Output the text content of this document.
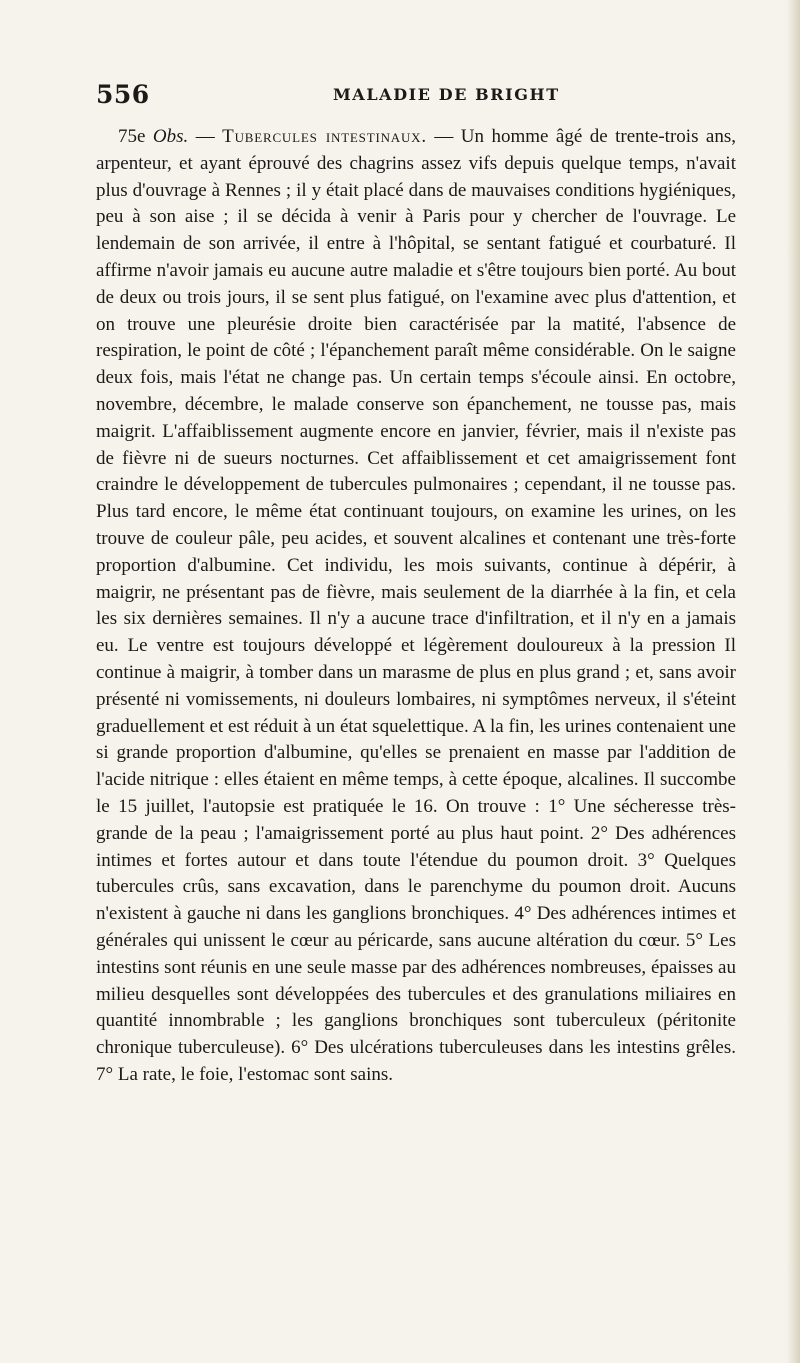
556	MALADIE DE BRIGHT

75e Obs. — Tubercules intestinaux. — Un homme âgé de trente-trois ans, arpenteur, et ayant éprouvé des chagrins assez vifs depuis quelque temps, n'avait plus d'ouvrage à Rennes ; il y était placé dans de mauvaises conditions hygiéniques, peu à son aise ; il se décida à venir à Paris pour y chercher de l'ouvrage. Le lendemain de son arrivée, il entre à l'hôpital, se sentant fatigué et courbaturé. Il affirme n'avoir jamais eu aucune autre maladie et s'être toujours bien porté. Au bout de deux ou trois jours, il se sent plus fatigué, on l'examine avec plus d'attention, et on trouve une pleurésie droite bien caractérisée par la matité, l'absence de respiration, le point de côté ; l'épanchement paraît même considérable. On le saigne deux fois, mais l'état ne change pas. Un certain temps s'écoule ainsi. En octobre, novembre, décembre, le malade conserve son épanchement, ne tousse pas, mais maigrit. L'affaiblissement augmente encore en janvier, février, mais il n'existe pas de fièvre ni de sueurs nocturnes. Cet affaiblissement et cet amaigrissement font craindre le développement de tubercules pulmonaires ; cependant, il ne tousse pas. Plus tard encore, le même état continuant toujours, on examine les urines, on les trouve de couleur pâle, peu acides, et souvent alcalines et contenant une très-forte proportion d'albumine. Cet individu, les mois suivants, continue à dépérir, à maigrir, ne présentant pas de fièvre, mais seulement de la diarrhée à la fin, et cela les six dernières semaines. Il n'y a aucune trace d'infiltration, et il n'y en a jamais eu. Le ventre est toujours développé et légèrement douloureux à la pression Il continue à maigrir, à tomber dans un marasme de plus en plus grand ; et, sans avoir présenté ni vomissements, ni douleurs lombaires, ni symptômes nerveux, il s'éteint graduellement et est réduit à un état squelettique. A la fin, les urines contenaient une si grande proportion d'albumine, qu'elles se prenaient en masse par l'addition de l'acide nitrique : elles étaient en même temps, à cette époque, alcalines. Il succombe le 15 juillet, l'autopsie est pratiquée le 16. On trouve : 1° Une sécheresse très-grande de la peau ; l'amaigrissement porté au plus haut point. 2° Des adhérences intimes et fortes autour et dans toute l'étendue du poumon droit. 3° Quelques tubercules crûs, sans excavation, dans le parenchyme du poumon droit. Aucuns n'existent à gauche ni dans les ganglions bronchiques. 4° Des adhérences intimes et générales qui unissent le cœur au péricarde, sans aucune altération du cœur. 5° Les intestins sont réunis en une seule masse par des adhérences nombreuses, épaisses au milieu desquelles sont développées des tubercules et des granulations miliaires en quantité innombrable ; les ganglions bronchiques sont tuberculeux (péritonite chronique tuberculeuse). 6° Des ulcérations tuberculeuses dans les intestins grêles. 7° La rate, le foie, l'estomac sont sains.
